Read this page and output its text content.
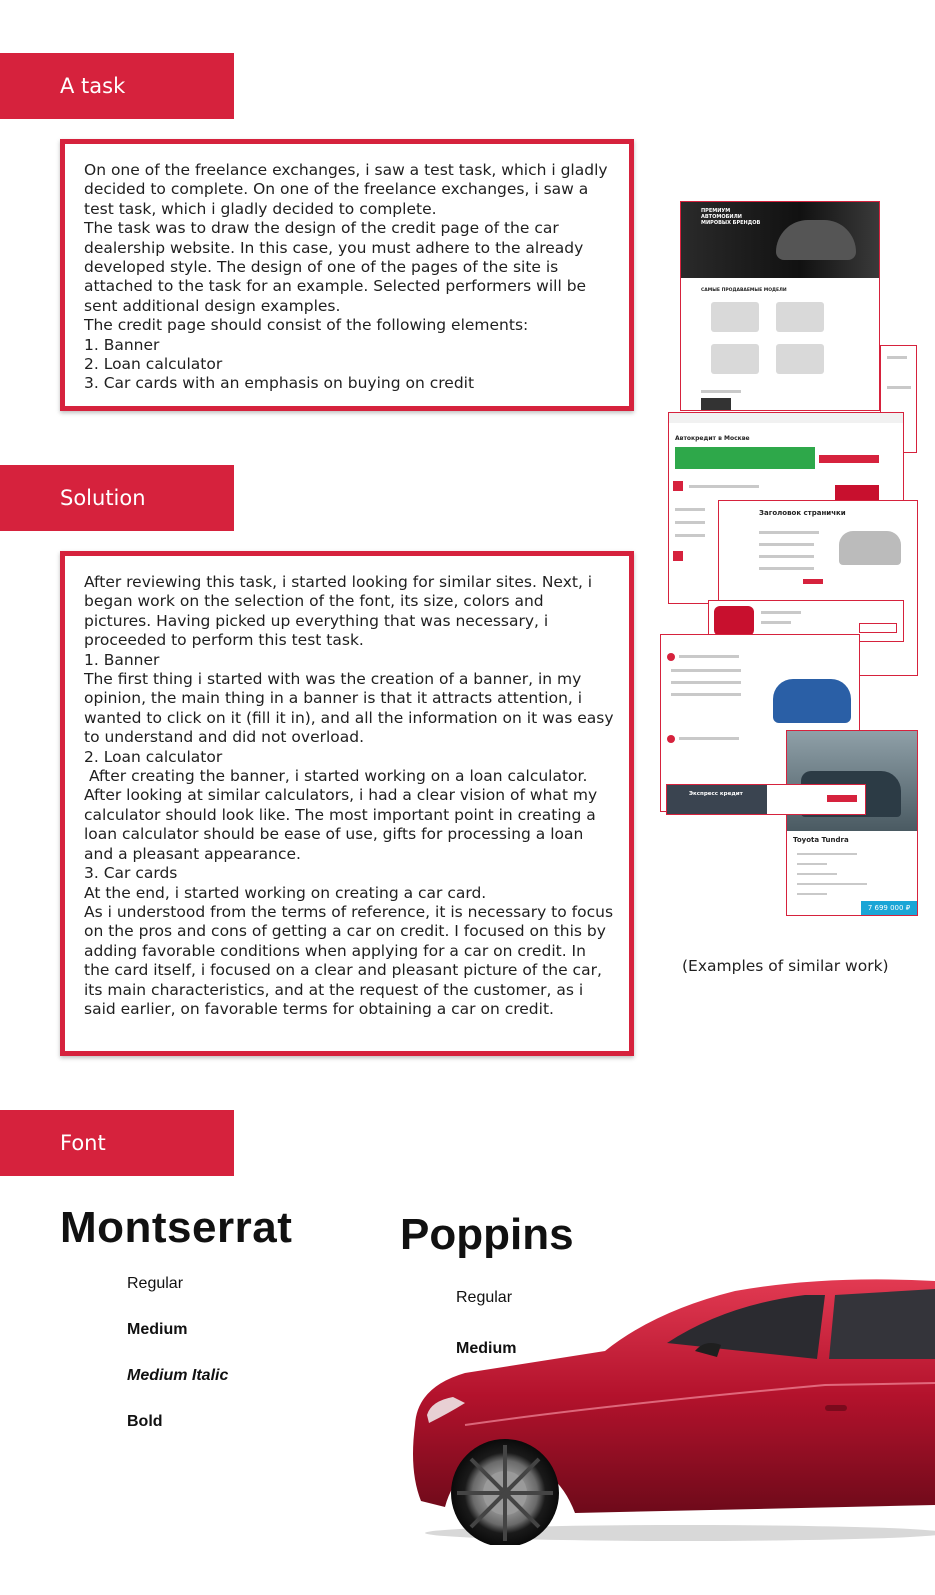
A task

On one of the freelance exchanges, i saw a test task, which i gladly decided to complete. On one of the freelance exchanges, i saw a test task, which i gladly decided to complete.

The task was to draw the design of the credit page of the car dealership website. In this case, you must adhere to the already developed style. The design of one of the pages of the site is attached to the task for an example. Selected performers will be sent additional design examples.

The credit page should consist of the following elements:

1. Banner

2. Loan calculator

3. Car cards with an emphasis on buying on credit

Solution

After reviewing this task, i started looking for similar sites. Next, i began work on the selection of the font, its size, colors and pictures. Having picked up everything that was necessary, i proceeded to perform this test task.

1. Banner

The first thing i started with was the creation of a banner, in my opinion, the main thing in a banner is that it attracts attention, i wanted to click on it (fill it in), and all the information on it was easy to understand and did not overload.

2. Loan calculator

After creating the banner, i started working on a loan calculator. After looking at similar calculators, i had a clear vision of what my calculator should look like. The most important point in creating a loan calculator should be ease of use, gifts for processing a loan and a pleasant appearance.

3. Car cards

At the end, i started working on creating a car card.

As i understood from the terms of reference, it is necessary to focus on the pros and cons of getting a car on credit. I focused on this by adding favorable conditions when applying for a car on credit. In the card itself, i focused on a clear and pleasant picture of the car, its main characteristics, and at the request of the customer, as i said earlier, on favorable terms for obtaining a car on credit.

ПРЕМИУМ АВТОМОБИЛИ МИРОВЫХ БРЕНДОВ
САМЫЕ ПРОДАВАЕМЫЕ МОДЕЛИ
Автокредит в Москве
Заголовок странички
Toyota Tundra
7 699 000 ₽
Экспресс кредит
(Examples of similar work)
Font
Montserrat
Regular
Medium
Medium Italic
Bold
Poppins
Regular
Medium
